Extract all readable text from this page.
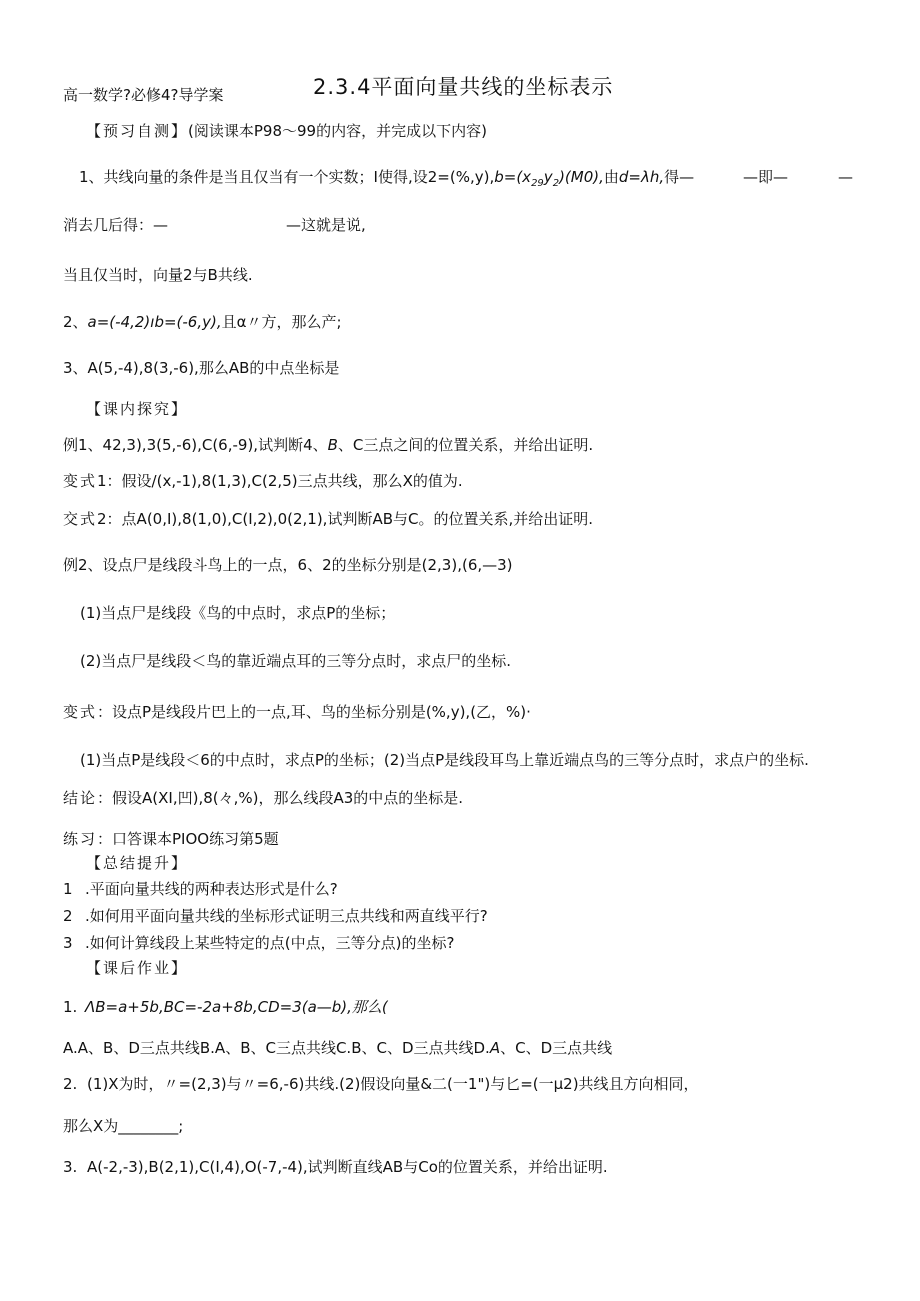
高一数学?必修4?导学案	2.3.4平面向量共线的坐标表示
【预习自测】(阅读课本P98～99的内容，并完成以下内容)
1、共线向量的条件是当且仅当有一个实数；I使得,设$2=(\%,y),b=(x_{29}y_2)(M0)$,由d=λh,得—	—即—	—
消去几后得：—	—这就是说,
当且仅当时，向量2与B共线.
2、a=(-4,2)ıb=(-6,y),且α〃方，那么产;
3、A(5,-4),8(3,-6),那么AB的中点坐标是
【课内探究】
例1、42,3),3(5,-6),C(6,-9),试判断4、B、C三点之间的位置关系，并给出证明.
变式1：假设/(x,-1),8(1,3),C(2,5)三点共线，那么X的值为.
交式2：点A(0,I),8(1,0),C(I,2),0(2,1),试判断AB与C。的位置关系,并给出证明.
例2、设点尸是线段斗鸟上的一点，6、2的坐标分别是(2,3),(6,—3)
(1)当点尸是线段《鸟的中点时，求点P的坐标；
(2)当点尸是线段＜鸟的靠近端点耳的三等分点时，求点尸的坐标.
变式：设点P是线段片巴上的一点,耳、鸟的坐标分别是(%,y),(乙，%)·
(1)当点P是线段＜6的中点时，求点P的坐标；(2)当点P是线段耳鸟上靠近端点鸟的三等分点时，求点户的坐标.
结论：假设A(XI,凹),8(々,%)，那么线段A3的中点的坐标是.
练习：口答课本PIOO练习第5题
【总结提升】
1 .平面向量共线的两种表达形式是什么?
2 .如何用平面向量共线的坐标形式证明三点共线和两直线平行?
3 .如何计算线段上某些特定的点(中点，三等分点)的坐标?
【课后作业】
1. ΛB=a+5b,BC=-2a+8b,CD=3(a—b),那么(
A.A、B、D三点共线B.A、B、C三点共线C.B、C、D三点共线D.A、C、D三点共线
2. (1)X为时，〃=(2,3)与〃=6,-6)共线.(2)假设向量&二(一1")与匕=(一μ2)共线且方向相同，
那么X为________;
3. A(-2,-3),B(2,1),C(I,4),O(-7,-4),试判断直线AB与Co的位置关系，并给出证明.
